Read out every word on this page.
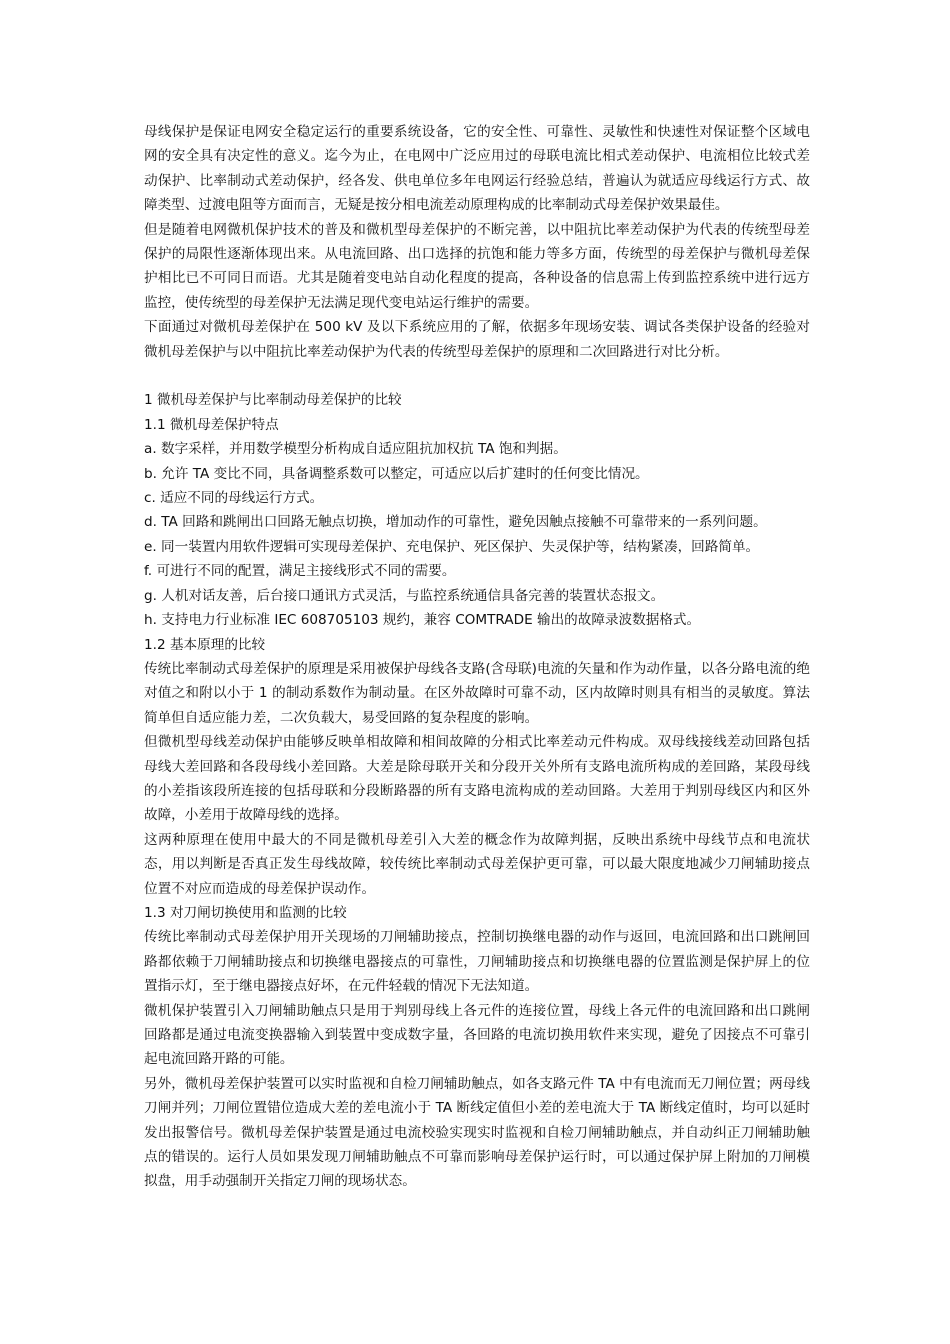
母线保护是保证电网安全稳定运行的重要系统设备，它的安全性、可靠性、灵敏性和快速性对保证整个区域电网的安全具有决定性的意义。迄今为止，在电网中广泛应用过的母联电流比相式差动保护、电流相位比较式差动保护、比率制动式差动保护，经各发、供电单位多年电网运行经验总结，普遍认为就适应母线运行方式、故障类型、过渡电阻等方面而言，无疑是按分相电流差动原理构成的比率制动式母差保护效果最佳。

但是随着电网微机保护技术的普及和微机型母差保护的不断完善，以中阻抗比率差动保护为代表的传统型母差保护的局限性逐渐体现出来。从电流回路、出口选择的抗饱和能力等多方面，传统型的母差保护与微机母差保护相比已不可同日而语。尤其是随着变电站自动化程度的提高，各种设备的信息需上传到监控系统中进行远方监控，使传统型的母差保护无法满足现代变电站运行维护的需要。

下面通过对微机母差保护在 500 kV 及以下系统应用的了解，依据多年现场安装、调试各类保护设备的经验对微机母差保护与以中阻抗比率差动保护为代表的传统型母差保护的原理和二次回路进行对比分析。

1 微机母差保护与比率制动母差保护的比较

1.1 微机母差保护特点

a. 数字采样，并用数学模型分析构成自适应阻抗加权抗 TA 饱和判据。

b. 允许 TA 变比不同，具备调整系数可以整定，可适应以后扩建时的任何变比情况。

c. 适应不同的母线运行方式。

d. TA 回路和跳闸出口回路无触点切换，增加动作的可靠性，避免因触点接触不可靠带来的一系列问题。

e. 同一装置内用软件逻辑可实现母差保护、充电保护、死区保护、失灵保护等，结构紧凑，回路简单。

f. 可进行不同的配置，满足主接线形式不同的需要。

g. 人机对话友善，后台接口通讯方式灵活，与监控系统通信具备完善的装置状态报文。

h. 支持电力行业标准 IEC 608705103 规约，兼容 COMTRADE 输出的故障录波数据格式。

1.2 基本原理的比较

传统比率制动式母差保护的原理是采用被保护母线各支路(含母联)电流的矢量和作为动作量，以各分路电流的绝对值之和附以小于 1 的制动系数作为制动量。在区外故障时可靠不动，区内故障时则具有相当的灵敏度。算法简单但自适应能力差，二次负载大，易受回路的复杂程度的影响。

但微机型母线差动保护由能够反映单相故障和相间故障的分相式比率差动元件构成。双母线接线差动回路包括母线大差回路和各段母线小差回路。大差是除母联开关和分段开关外所有支路电流所构成的差回路，某段母线的小差指该段所连接的包括母联和分段断路器的所有支路电流构成的差动回路。大差用于判别母线区内和区外故障，小差用于故障母线的选择。

这两种原理在使用中最大的不同是微机母差引入大差的概念作为故障判据，反映出系统中母线节点和电流状态，用以判断是否真正发生母线故障，较传统比率制动式母差保护更可靠，可以最大限度地减少刀闸辅助接点位置不对应而造成的母差保护误动作。

1.3 对刀闸切换使用和监测的比较

传统比率制动式母差保护用开关现场的刀闸辅助接点，控制切换继电器的动作与返回，电流回路和出口跳闸回路都依赖于刀闸辅助接点和切换继电器接点的可靠性，刀闸辅助接点和切换继电器的位置监测是保护屏上的位置指示灯，至于继电器接点好坏，在元件轻载的情况下无法知道。

微机保护装置引入刀闸辅助触点只是用于判别母线上各元件的连接位置，母线上各元件的电流回路和出口跳闸回路都是通过电流变换器输入到装置中变成数字量，各回路的电流切换用软件来实现，避免了因接点不可靠引起电流回路开路的可能。

另外，微机母差保护装置可以实时监视和自检刀闸辅助触点，如各支路元件 TA 中有电流而无刀闸位置；两母线刀闸并列；刀闸位置错位造成大差的差电流小于 TA 断线定值但小差的差电流大于 TA 断线定值时，均可以延时发出报警信号。微机母差保护装置是通过电流校验实现实时监视和自检刀闸辅助触点，并自动纠正刀闸辅助触点的错误的。运行人员如果发现刀闸辅助触点不可靠而影响母差保护运行时，可以通过保护屏上附加的刀闸模拟盘，用手动强制开关指定刀闸的现场状态。
